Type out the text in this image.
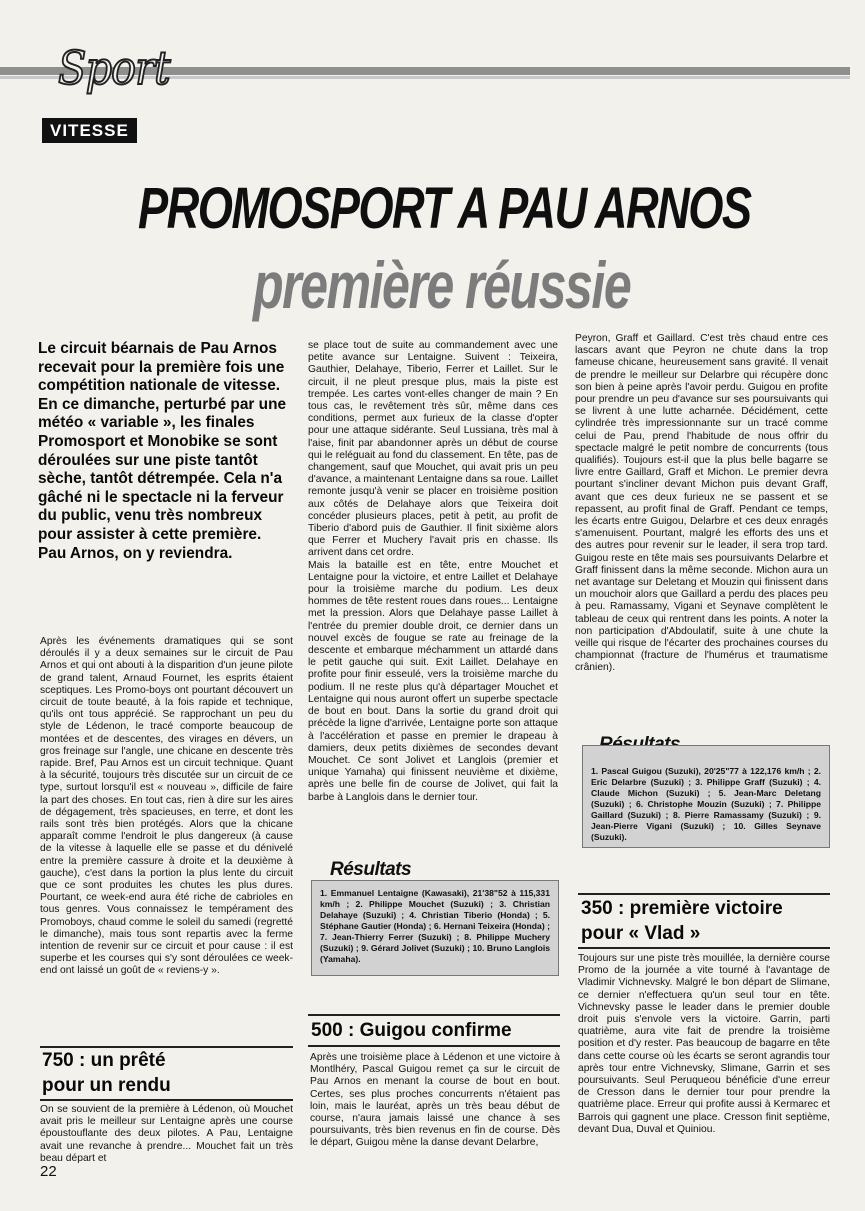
Sport
VITESSE
PROMOSPORT A PAU ARNOS
première réussie

Le circuit béarnais de Pau Arnos recevait pour la première fois une compétition nationale de vitesse.

En ce dimanche, perturbé par une météo « variable », les finales Promosport et Monobike se sont déroulées sur une piste tantôt sèche, tantôt détrempée. Cela n'a gâché ni le spectacle ni la ferveur du public, venu très nombreux pour assister à cette première.

Pau Arnos, on y reviendra.

Après les événements dramatiques qui se sont déroulés il y a deux semaines sur le circuit de Pau Arnos et qui ont abouti à la disparition d'un jeune pilote de grand talent, Arnaud Fournet, les esprits étaient sceptiques. Les Promo-boys ont pourtant découvert un circuit de toute beauté, à la fois rapide et technique, qu'ils ont tous apprécié. Se rapprochant un peu du style de Lédenon, le tracé comporte beaucoup de montées et de descentes, des virages en dévers, un gros freinage sur l'angle, une chicane en descente très rapide. Bref, Pau Arnos est un circuit technique. Quant à la sécurité, toujours très discutée sur un circuit de ce type, surtout lorsqu'il est « nouveau », difficile de faire la part des choses. En tout cas, rien à dire sur les aires de dégagement, très spacieuses, en terre, et dont les rails sont très bien protégés. Alors que la chicane apparaît comme l'endroit le plus dangereux (à cause de la vitesse à laquelle elle se passe et du dénivelé entre la première cassure à droite et la deuxième à gauche), c'est dans la portion la plus lente du circuit que ce sont produites les chutes les plus dures. Pourtant, ce week-end aura été riche de cabrioles en tous genres. Vous connaissez le tempérament des Promoboys, chaud comme le soleil du samedi (regretté le dimanche), mais tous sont repartis avec la ferme intention de revenir sur ce circuit et pour cause : il est superbe et les courses qui s'y sont déroulées ce week-end ont laissé un goût de « reviens-y ».
750 : un prêté
pour un rendu
On se souvient de la première à Lédenon, où Mouchet avait pris le meilleur sur Lentaigne après une course époustouflante des deux pilotes. A Pau, Lentaigne avait une revanche à prendre... Mouchet fait un très beau départ et
se place tout de suite au commandement avec une petite avance sur Lentaigne. Suivent : Teixeira, Gauthier, Delahaye, Tiberio, Ferrer et Laillet. Sur le circuit, il ne pleut presque plus, mais la piste est trempée. Les cartes vont-elles changer de main ? En tous cas, le revêtement très sûr, même dans ces conditions, permet aux furieux de la classe d'opter pour une attaque sidérante. Seul Lussiana, très mal à l'aise, finit par abandonner après un début de course qui le reléguait au fond du classement. En tête, pas de changement, sauf que Mouchet, qui avait pris un peu d'avance, a maintenant Lentaigne dans sa roue. Laillet remonte jusqu'à venir se placer en troisième position aux côtés de Delahaye alors que Teixeira doit concéder plusieurs places, petit à petit, au profit de Tiberio d'abord puis de Gauthier. Il finit sixième alors que Ferrer et Muchery l'avait pris en chasse. Ils arrivent dans cet ordre.
Mais la bataille est en tête, entre Mouchet et Lentaigne pour la victoire, et entre Laillet et Delahaye pour la troisième marche du podium. Les deux hommes de tête restent roues dans roues... Lentaigne met la pression. Alors que Delahaye passe Laillet à l'entrée du premier double droit, ce dernier dans un nouvel excès de fougue se rate au freinage de la descente et embarque méchamment un attardé dans le petit gauche qui suit. Exit Laillet. Delahaye en profite pour finir esseulé, vers la troisième marche du podium. Il ne reste plus qu'à départager Mouchet et Lentaigne qui nous auront offert un superbe spectacle de bout en bout. Dans la sortie du grand droit qui précède la ligne d'arrivée, Lentaigne porte son attaque à l'accélération et passe en premier le drapeau à damiers, deux petits dixièmes de secondes devant Mouchet. Ce sont Jolivet et Langlois (premier et unique Yamaha) qui finissent neuvième et dixième, après une belle fin de course de Jolivet, qui fait la barbe à Langlois dans le dernier tour.
Résultats
1. Emmanuel Lentaigne (Kawasaki), 21'38"52 à 115,331 km/h ; 2. Philippe Mouchet (Suzuki) ; 3. Christian Delahaye (Suzuki) ; 4. Christian Tiberio (Honda) ; 5. Stéphane Gautier (Honda) ; 6. Hernani Teixeira (Honda) ; 7. Jean-Thierry Ferrer (Suzuki) ; 8. Philippe Muchery (Suzuki) ; 9. Gérard Jolivet (Suzuki) ; 10. Bruno Langlois (Yamaha).
500 : Guigou confirme
Après une troisième place à Lédenon et une victoire à Montlhéry, Pascal Guigou remet ça sur le circuit de Pau Arnos en menant la course de bout en bout. Certes, ses plus proches concurrents n'étaient pas loin, mais le lauréat, après un très beau début de course, n'aura jamais laissé une chance à ses poursuivants, très bien revenus en fin de course. Dès le départ, Guigou mène la danse devant Delarbre,
Peyron, Graff et Gaillard. C'est très chaud entre ces lascars avant que Peyron ne chute dans la trop fameuse chicane, heureusement sans gravité. Il venait de prendre le meilleur sur Delarbre qui récupère donc son bien à peine après l'avoir perdu. Guigou en profite pour prendre un peu d'avance sur ses poursuivants qui se livrent à une lutte acharnée. Décidément, cette cylindrée très impressionnante sur un tracé comme celui de Pau, prend l'habitude de nous offrir du spectacle malgré le petit nombre de concurrents (tous qualifiés). Toujours est-il que la plus belle bagarre se livre entre Gaillard, Graff et Michon. Le premier devra pourtant s'incliner devant Michon puis devant Graff, avant que ces deux furieux ne se passent et se repassent, au profit final de Graff. Pendant ce temps, les écarts entre Guigou, Delarbre et ces deux enragés s'amenuisent. Pourtant, malgré les efforts des uns et des autres pour revenir sur le leader, il sera trop tard. Guigou reste en tête mais ses poursuivants Delarbre et Graff finissent dans la même seconde. Michon aura un net avantage sur Deletang et Mouzin qui finissent dans un mouchoir alors que Gaillard a perdu des places peu à peu. Ramassamy, Vigani et Seynave complètent le tableau de ceux qui rentrent dans les points. A noter la non participation d'Abdoulatif, suite à une chute la veille qui risque de l'écarter des prochaines courses du championnat (fracture de l'humérus et traumatisme crânien).
1. Pascal Guigou (Suzuki), 20'25"77 à 122,176 km/h ; 2. Eric Delarbre (Suzuki) ; 3. Philippe Graff (Suzuki) ; 4. Claude Michon (Suzuki) ; 5. Jean-Marc Deletang (Suzuki) ; 6. Christophe Mouzin (Suzuki) ; 7. Philippe Gaillard (Suzuki) ; 8. Pierre Ramassamy (Suzuki) ; 9. Jean-Pierre Vigani (Suzuki) ; 10. Gilles Seynave (Suzuki).
350 : première victoire
pour « Vlad »
Toujours sur une piste très mouillée, la dernière course Promo de la journée a vite tourné à l'avantage de Vladimir Vichnevsky. Malgré le bon départ de Slimane, ce dernier n'effectuera qu'un seul tour en tête. Vichnevsky passe le leader dans le premier double droit puis s'envole vers la victoire. Garrin, parti quatrième, aura vite fait de prendre la troisième position et d'y rester. Pas beaucoup de bagarre en tête dans cette course où les écarts se seront agrandis tour après tour entre Vichnevsky, Slimane, Garrin et ses poursuivants. Seul Peruqueou bénéficie d'une erreur de Cresson dans le dernier tour pour prendre la quatrième place. Erreur qui profite aussi à Kermarec et Barrois qui gagnent une place. Cresson finit septième, devant Dua, Duval et Quiniou.
22
